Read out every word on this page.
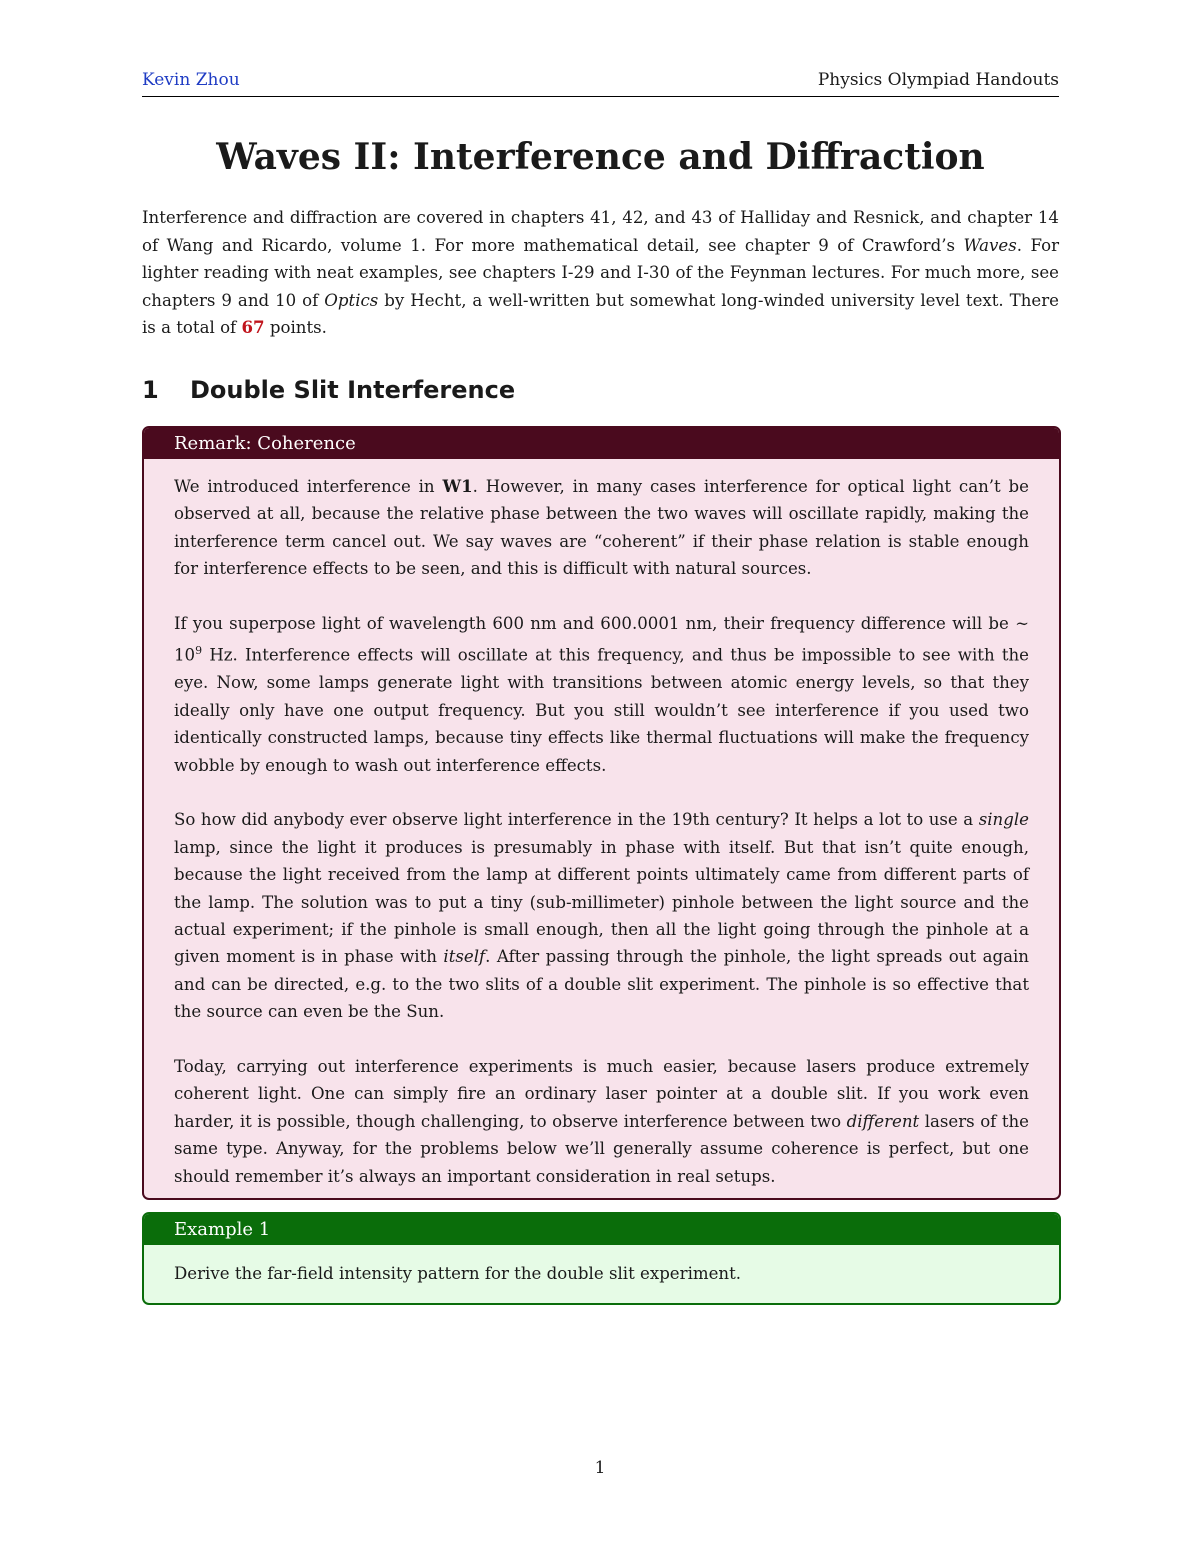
Kevin Zhou	Physics Olympiad Handouts
Waves II: Interference and Diffraction

Interference and diffraction are covered in chapters 41, 42, and 43 of Halliday and Resnick, and chapter 14 of Wang and Ricardo, volume 1. For more mathematical detail, see chapter 9 of Crawford’s Waves. For lighter reading with neat examples, see chapters I-29 and I-30 of the Feynman lectures. For much more, see chapters 9 and 10 of Optics by Hecht, a well-written but somewhat long-winded university level text. There is a total of 67 points.

1 Double Slit Interference
Remark: Coherence

We introduced interference in W1. However, in many cases interference for optical light can’t be observed at all, because the relative phase between the two waves will oscillate rapidly, making the interference term cancel out. We say waves are “coherent” if their phase relation is stable enough for interference effects to be seen, and this is difficult with natural sources.

If you superpose light of wavelength 600 nm and 600.0001 nm, their frequency difference will be ∼ $10^9$ Hz. Interference effects will oscillate at this frequency, and thus be impossible to see with the eye. Now, some lamps generate light with transitions between atomic energy levels, so that they ideally only have one output frequency. But you still wouldn’t see interference if you used two identically constructed lamps, because tiny effects like thermal fluctuations will make the frequency wobble by enough to wash out interference effects.

So how did anybody ever observe light interference in the 19th century? It helps a lot to use a single lamp, since the light it produces is presumably in phase with itself. But that isn’t quite enough, because the light received from the lamp at different points ultimately came from different parts of the lamp. The solution was to put a tiny (sub-millimeter) pinhole between the light source and the actual experiment; if the pinhole is small enough, then all the light going through the pinhole at a given moment is in phase with itself. After passing through the pinhole, the light spreads out again and can be directed, e.g. to the two slits of a double slit experiment. The pinhole is so effective that the source can even be the Sun.

Today, carrying out interference experiments is much easier, because lasers produce extremely coherent light. One can simply fire an ordinary laser pointer at a double slit. If you work even harder, it is possible, though challenging, to observe interference between two different lasers of the same type. Anyway, for the problems below we’ll generally assume coherence is perfect, but one should remember it’s always an important consideration in real setups.

Example 1
Derive the far-field intensity pattern for the double slit experiment.
1
